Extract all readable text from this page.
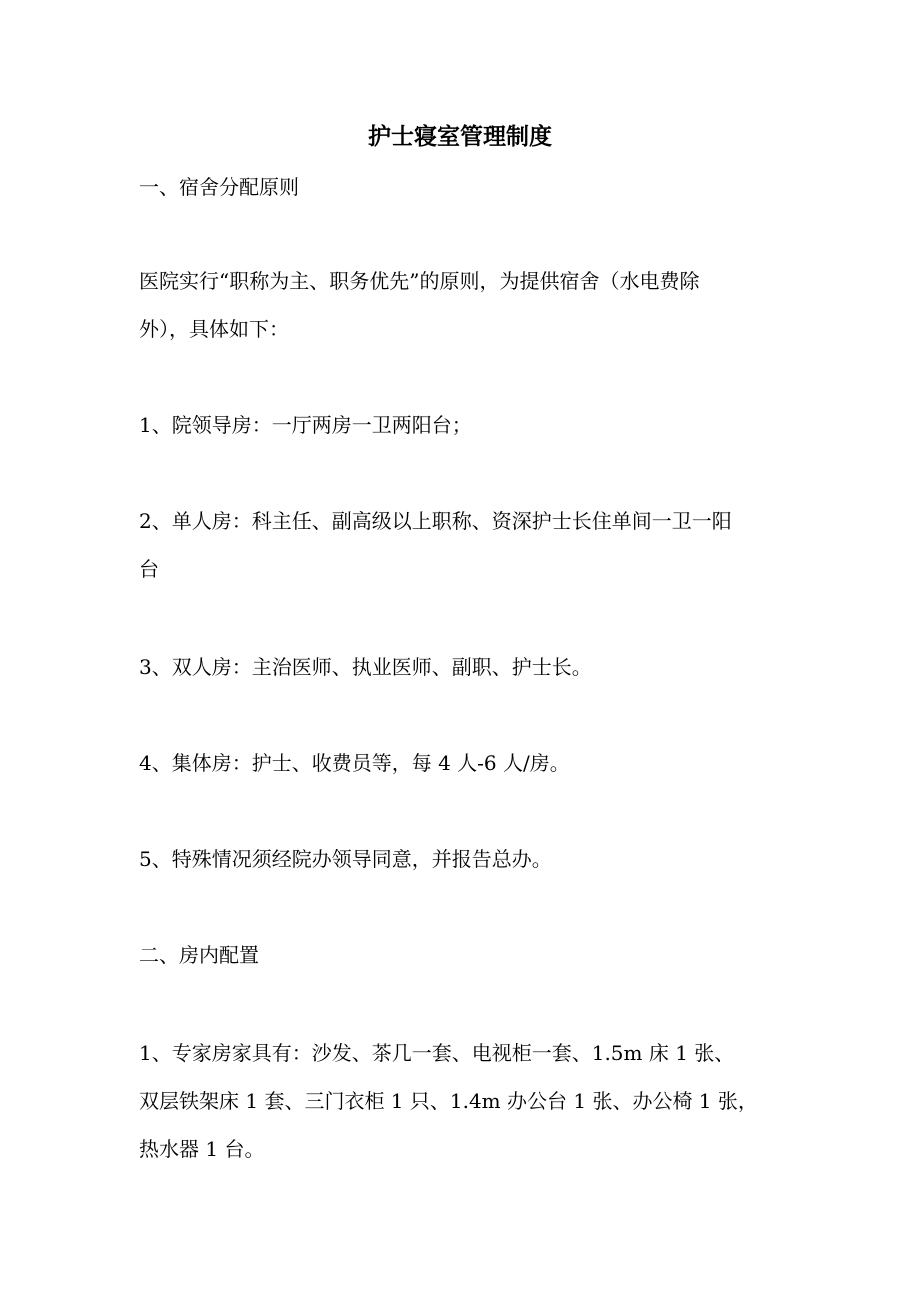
护士寝室管理制度
一、宿舍分配原则
医院实行“职称为主、职务优先”的原则，为提供宿舍（水电费除
外），具体如下：
1、院领导房：一厅两房一卫两阳台；
2、单人房：科主任、副高级以上职称、资深护士长住单间一卫一阳
台
3、双人房：主治医师、执业医师、副职、护士长。
4、集体房：护士、收费员等，每 4 人-6 人/房。
5、特殊情况须经院办领导同意，并报告总办。
二、房内配置
1、专家房家具有：沙发、茶几一套、电视柜一套、1.5m 床 1 张、
双层铁架床 1 套、三门衣柜 1 只、1.4m 办公台 1 张、办公椅 1 张，
热水器 1 台。
